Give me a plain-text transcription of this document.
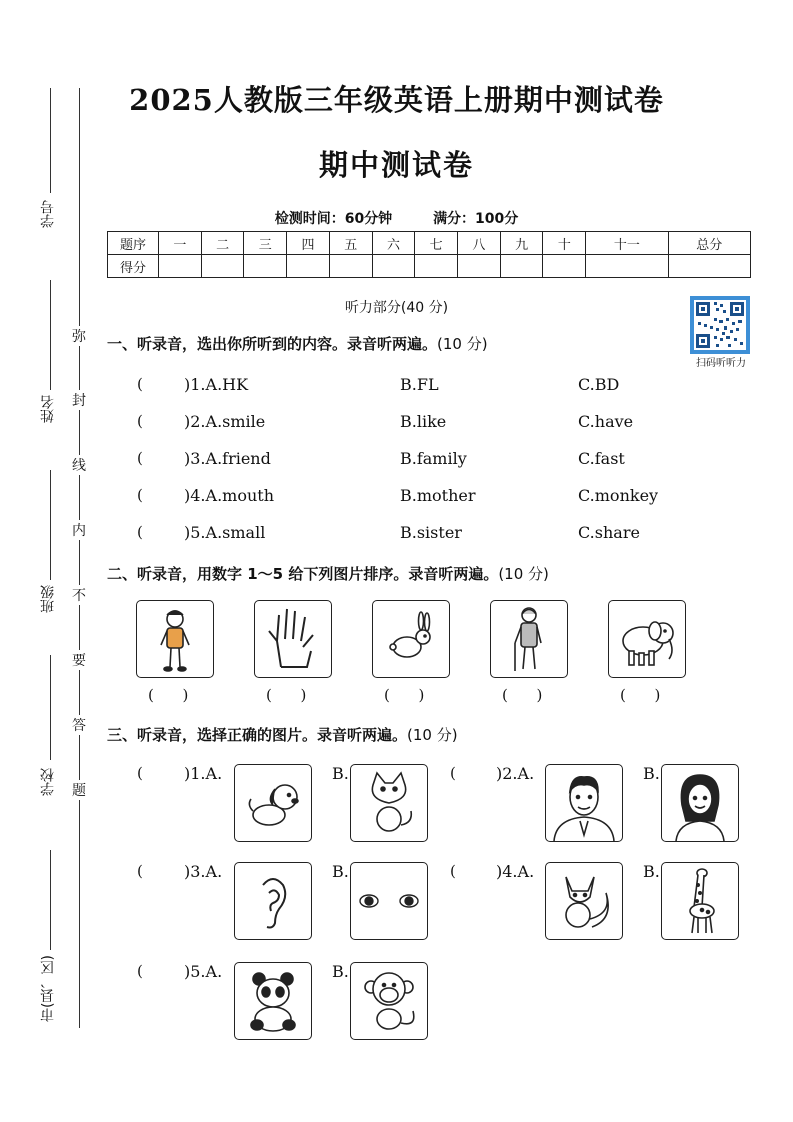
学号
姓名
班级
学校
市(县、区)
弥
封
线
内
不
要
答
题
2025人教版三年级英语上册期中测试卷
期中测试卷
检测时间：60分钟	满分：100分
题序	一	二	三	四	五	六	七	八	九	十	十一	总分
得分												
听力部分(40 分)
扫码听听力
一、听录音，选出你所听到的内容。录音听两遍。(10 分)
(	)1.A.HK	B.FL	C.BD
(	)2.A.smile	B.like	C.have
(	)3.A.friend	B.family	C.fast
(	)4.A.mouth	B.mother	C.monkey
(	)5.A.small	B.sister	C.share
二、听录音，用数字 1～5 给下列图片排序。录音听两遍。(10 分)
(      )	(      )	(      )	(      )	(      )
三、听录音，选择正确的图片。录音听两遍。(10 分)
(	)1.A.	B.	(	)2.A.	B.
(	)3.A.	B.	(	)4.A.	B.
(	)5.A.	B.
